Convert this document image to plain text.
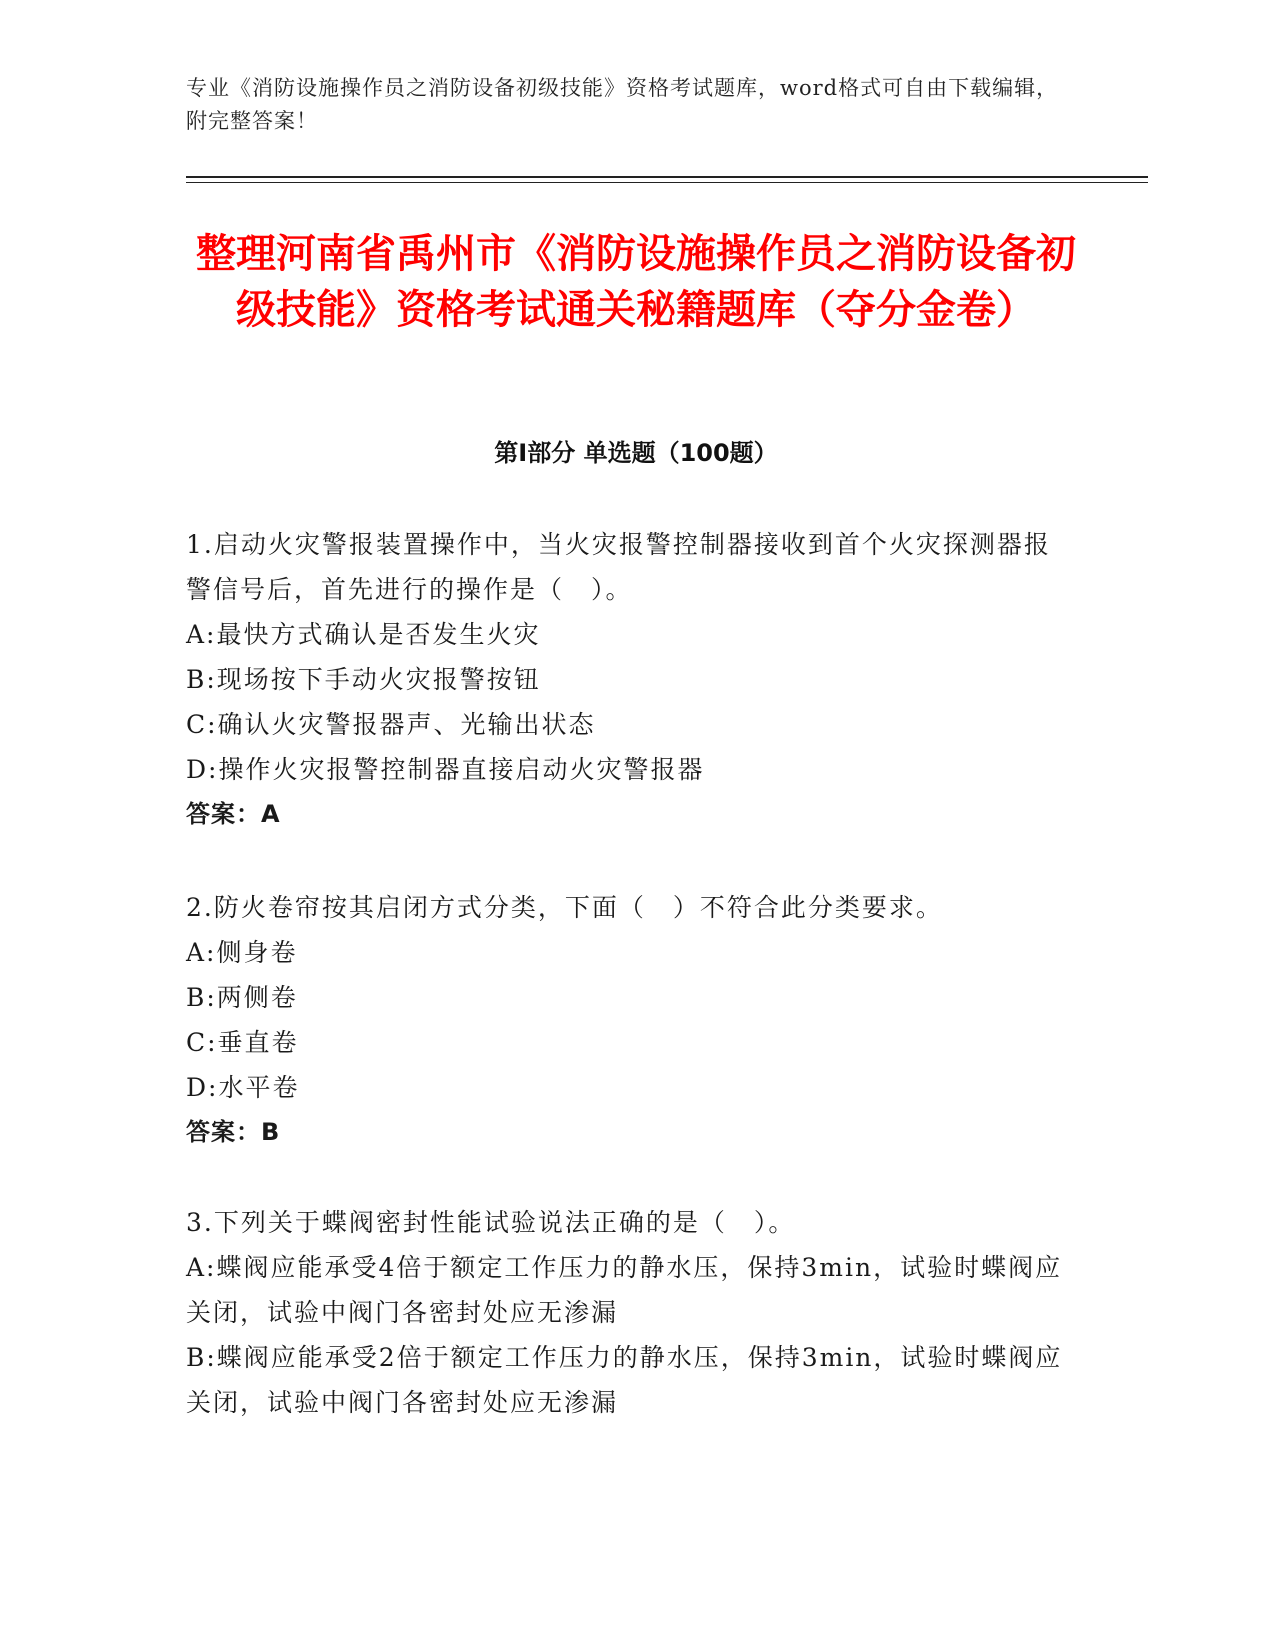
专业《消防设施操作员之消防设备初级技能》资格考试题库，word格式可自由下载编辑，附完整答案！
整理河南省禹州市《消防设施操作员之消防设备初级技能》资格考试通关秘籍题库（夺分金卷）
第I部分 单选题（100题）
1.启动火灾警报装置操作中，当火灾报警控制器接收到首个火灾探测器报警信号后，首先进行的操作是（　）。
A:最快方式确认是否发生火灾
B:现场按下手动火灾报警按钮
C:确认火灾警报器声、光输出状态
D:操作火灾报警控制器直接启动火灾警报器
答案：A
2.防火卷帘按其启闭方式分类，下面（　）不符合此分类要求。
A:侧身卷
B:两侧卷
C:垂直卷
D:水平卷
答案：B
3.下列关于蝶阀密封性能试验说法正确的是（　）。
A:蝶阀应能承受4倍于额定工作压力的静水压，保持3min，试验时蝶阀应关闭，试验中阀门各密封处应无渗漏
B:蝶阀应能承受2倍于额定工作压力的静水压，保持3min，试验时蝶阀应关闭，试验中阀门各密封处应无渗漏
